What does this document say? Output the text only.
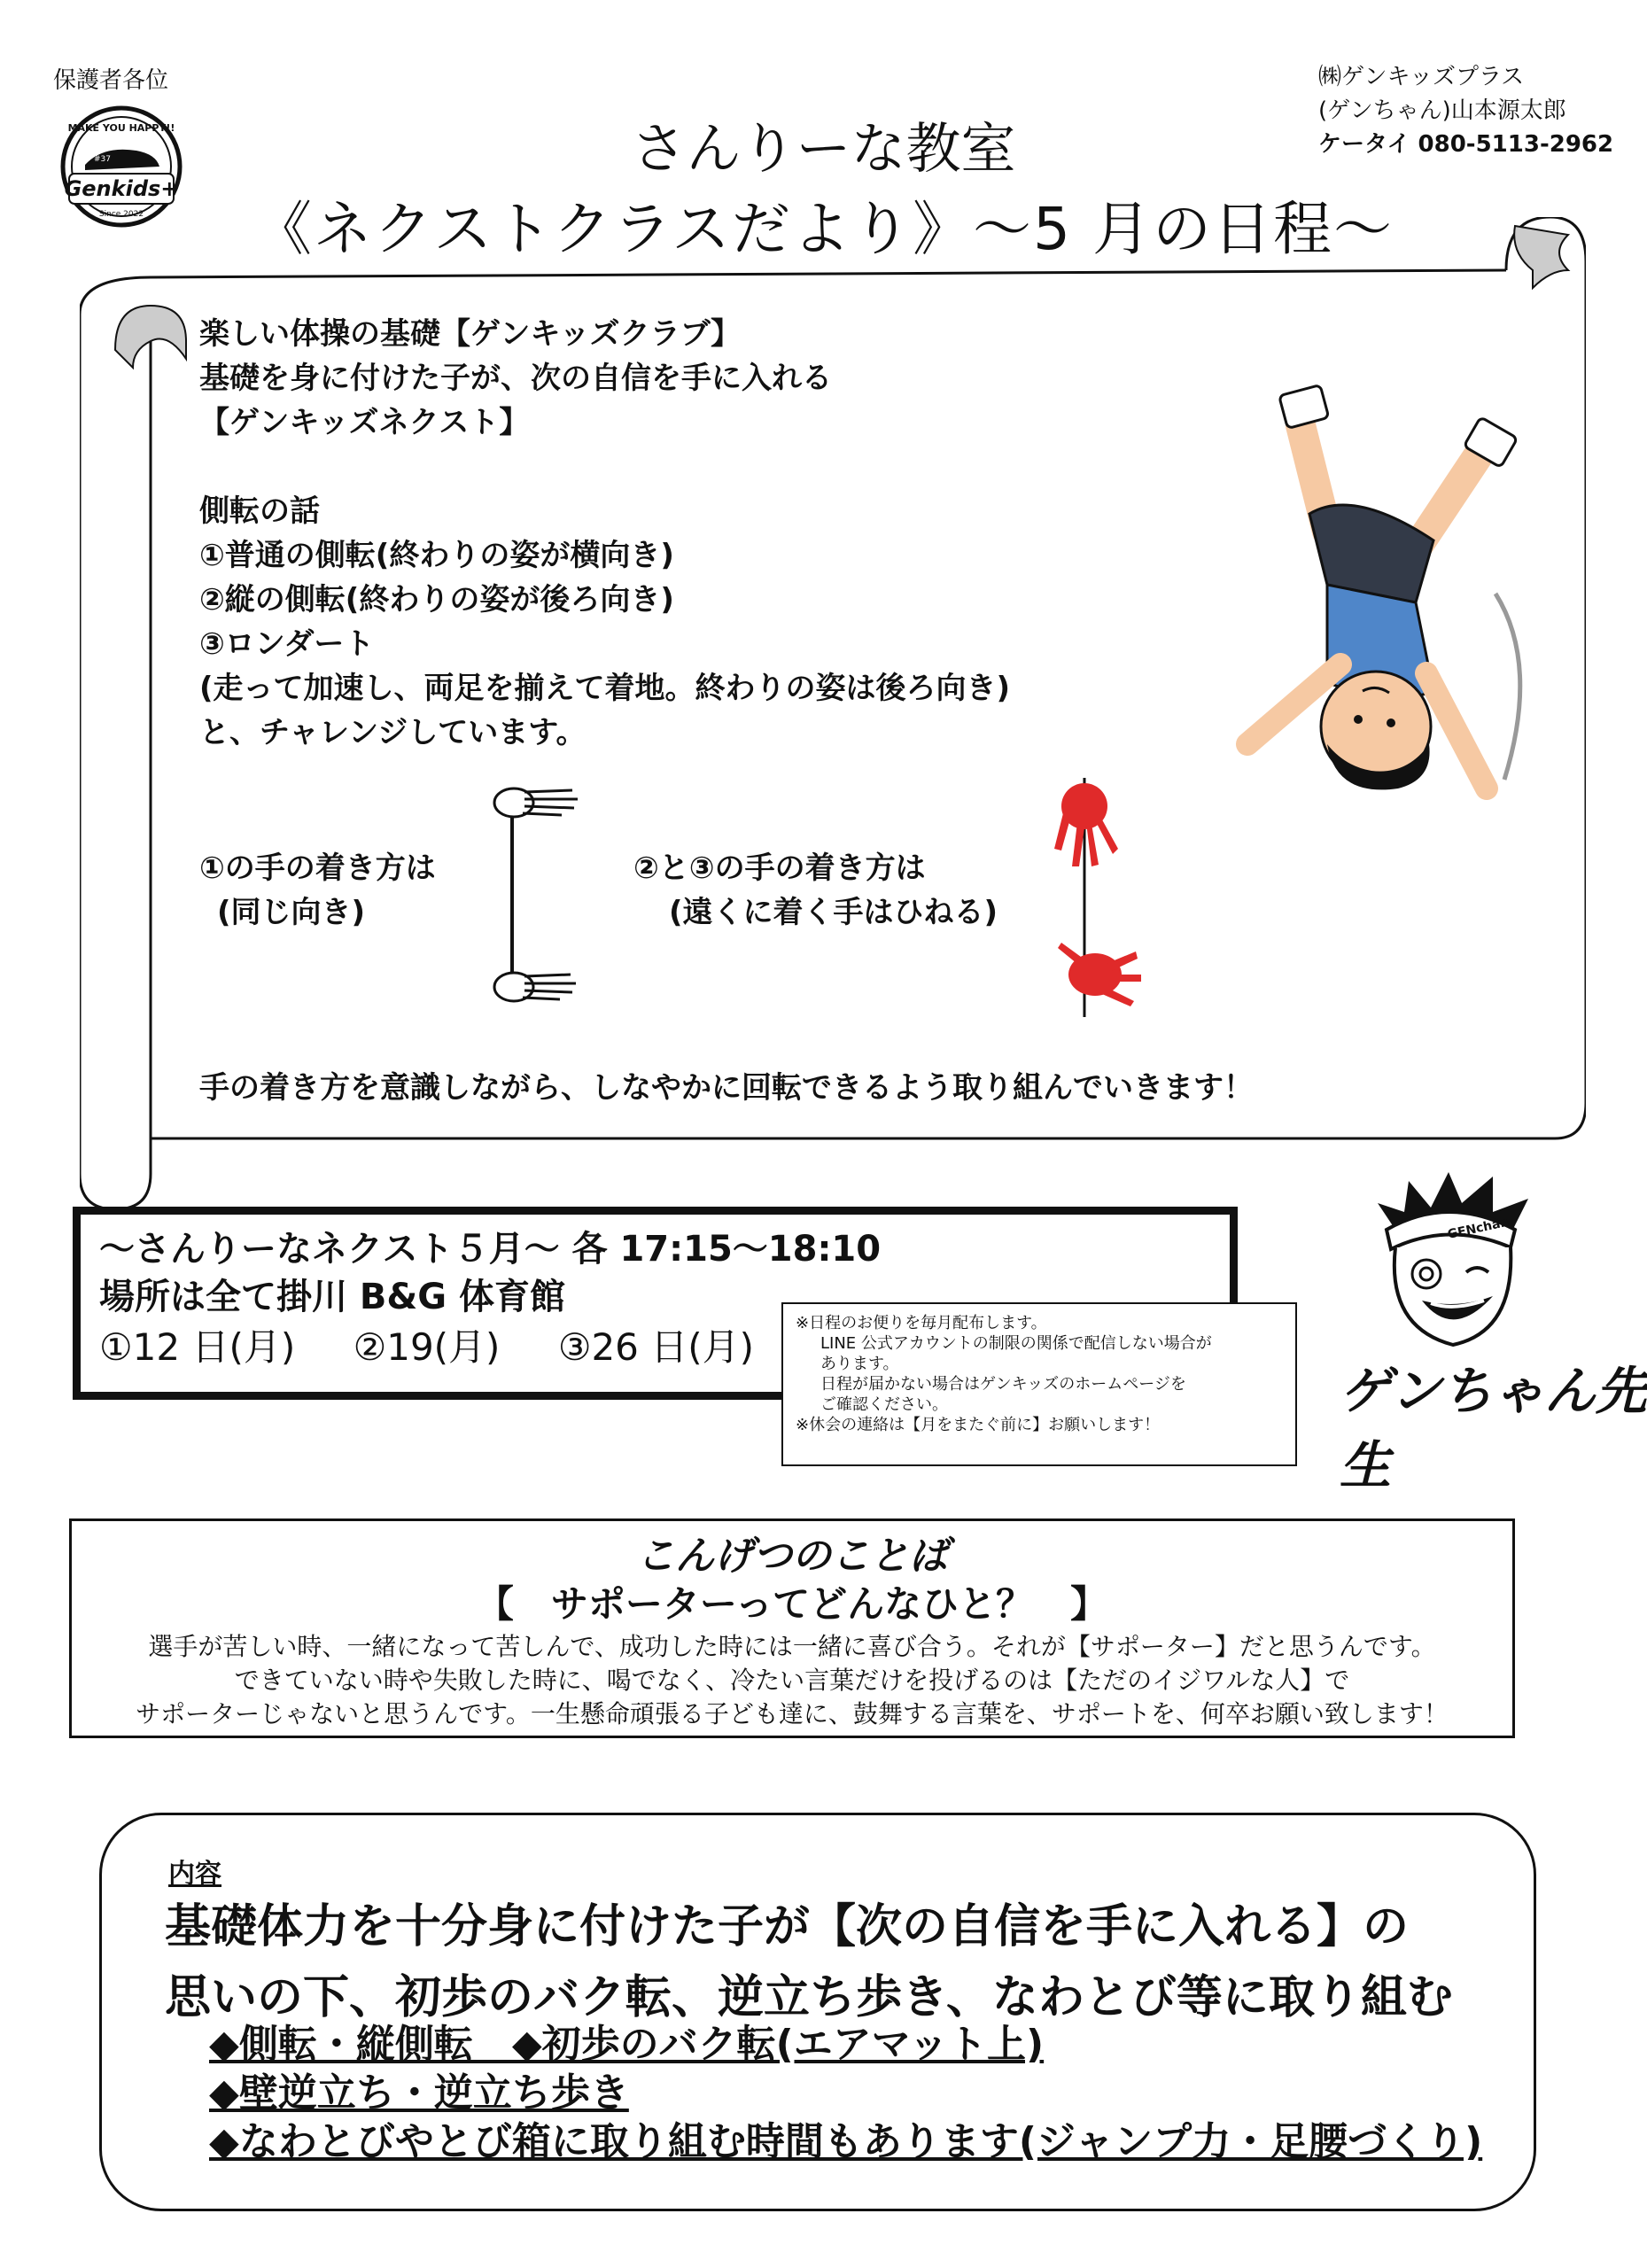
保護者各位
Genkids+
MAKE YOU HAPPY!!
#37
Since 2022
㈱ゲンキッズプラス
(ゲンちゃん)山本源太郎
ケータイ 080-5113-2962
さんりーな教室
《ネクストクラスだより》～5 月の日程～
楽しい体操の基礎【ゲンキッズクラブ】
基礎を身に付けた子が、次の自信を手に入れる
【ゲンキッズネクスト】
側転の話
①普通の側転(終わりの姿が横向き)
②縦の側転(終わりの姿が後ろ向き)
③ロンダート
(走って加速し、両足を揃えて着地。終わりの姿は後ろ向き)
と、チャレンジしています。
①の手の着き方は
(同じ向き)
②と③の手の着き方は
(遠くに着く手はひねる)
手の着き方を意識しながら、しなやかに回転できるよう取り組んでいきます！
～さんりーなネクスト５月～ 各 17:15～18:10
場所は全て掛川 B&G 体育館
①12 日(月) ②19(月) ③26 日(月)
※日程のお便りを毎月配布します。
LINE 公式アカウントの制限の関係で配信しない場合が
あります。
日程が届かない場合はゲンキッズのホームページを
ご確認ください。
※休会の連絡は【月をまたぐ前に】お願いします！
GENchan
ゲンちゃん先生
こんげつのことば
【　サポーターってどんなひと？　】
選手が苦しい時、一緒になって苦しんで、成功した時には一緒に喜び合う。それが【サポーター】だと思うんです。
できていない時や失敗した時に、喝でなく、冷たい言葉だけを投げるのは【ただのイジワルな人】で
サポーターじゃないと思うんです。一生懸命頑張る子ども達に、鼓舞する言葉を、サポートを、何卒お願い致します！
内容
基礎体力を十分身に付けた子が【次の自信を手に入れる】の
思いの下、初歩のバク転、逆立ち歩き、なわとび等に取り組む
◆側転・縦側転　◆初歩のバク転(エアマット上)
◆壁逆立ち・逆立ち歩き
◆なわとびやとび箱に取り組む時間もあります(ジャンプ力・足腰づくり)
